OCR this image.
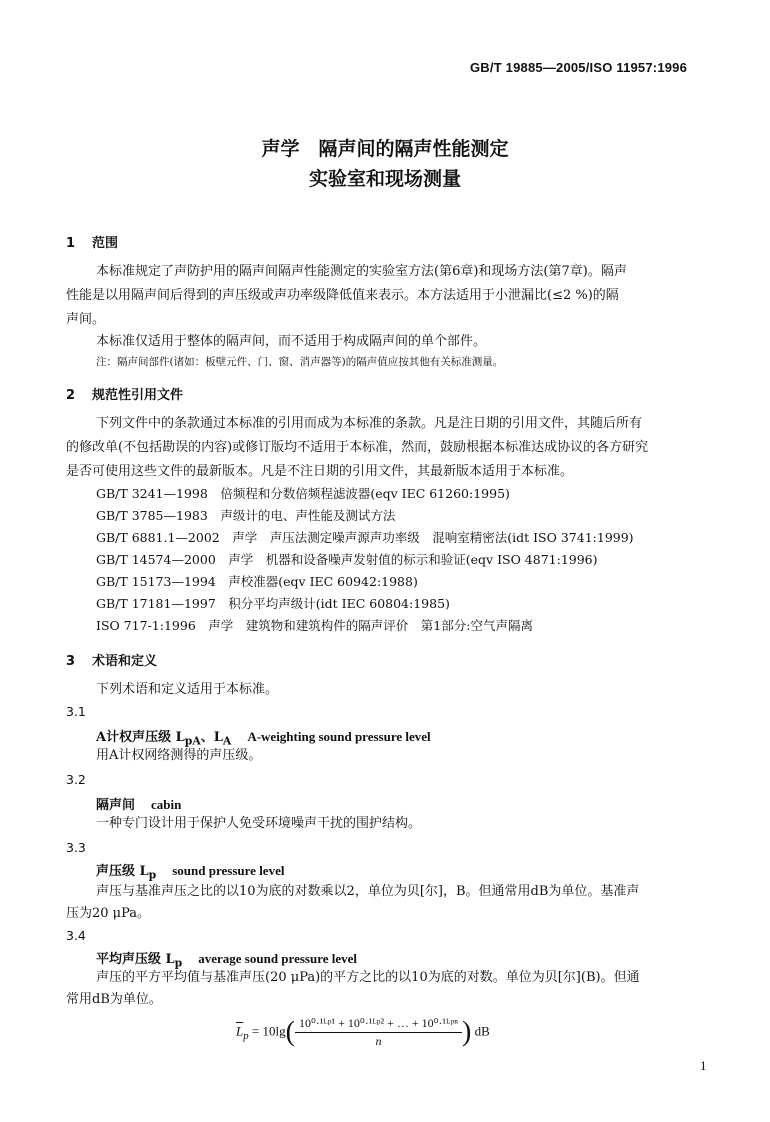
GB/T 19885—2005/ISO 11957:1996
声学　隔声间的隔声性能测定
实验室和现场测量
1 范围
本标准规定了声防护用的隔声间隔声性能测定的实验室方法(第6章)和现场方法(第7章)。隔声
性能是以用隔声间后得到的声压级或声功率级降低值来表示。本方法适用于小泄漏比(≤2 %)的隔
声间。
本标准仅适用于整体的隔声间，而不适用于构成隔声间的单个部件。
注：隔声间部件(诸如：板壁元件、门、窗、消声器等)的隔声值应按其他有关标准测量。
2 规范性引用文件
下列文件中的条款通过本标准的引用而成为本标准的条款。凡是注日期的引用文件，其随后所有
的修改单(不包括勘误的内容)或修订版均不适用于本标准，然而，鼓励根据本标准达成协议的各方研究
是否可使用这些文件的最新版本。凡是不注日期的引用文件，其最新版本适用于本标准。
GB/T 3241—1998　倍频程和分数倍频程滤波器(eqv IEC 61260:1995)
GB/T 3785—1983　声级计的电、声性能及测试方法
GB/T 6881.1—2002　声学　声压法测定噪声源声功率级　混响室精密法(idt ISO 3741:1999)
GB/T 14574—2000　声学　机器和设备噪声发射值的标示和验证(eqv ISO 4871:1996)
GB/T 15173—1994　声校准器(eqv IEC 60942:1988)
GB/T 17181—1997　积分平均声级计(idt IEC 60804:1985)
ISO 717-1:1996　声学　建筑物和建筑构件的隔声评价　第1部分:空气声隔离
3 术语和定义
下列术语和定义适用于本标准。
3.1
A计权声压级 $L_{pA}$、$L_A$ A-weighting sound pressure level
用A计权网络测得的声压级。
3.2
隔声间 cabin
一种专门设计用于保护人免受环境噪声干扰的围护结构。
3.3
声压级 $L_p$ sound pressure level
声压与基准声压之比的以10为底的对数乘以2，单位为贝[尔]，B。但通常用dB为单位。基准声
压为20 μPa。
3.4
平均声压级 $L_p$ average sound pressure level
声压的平方平均值与基准声压(20 μPa)的平方之比的以10为底的对数。单位为贝[尔](B)。但通
常用dB为单位。
$\overline{L}_p = 10\lg( \frac{\text{10⁰·¹ᴸᵖ¹ + 10⁰·¹ᴸᵖ² + … + 10⁰·¹ᴸᵖⁿ}}{n}$ ) dB
1
